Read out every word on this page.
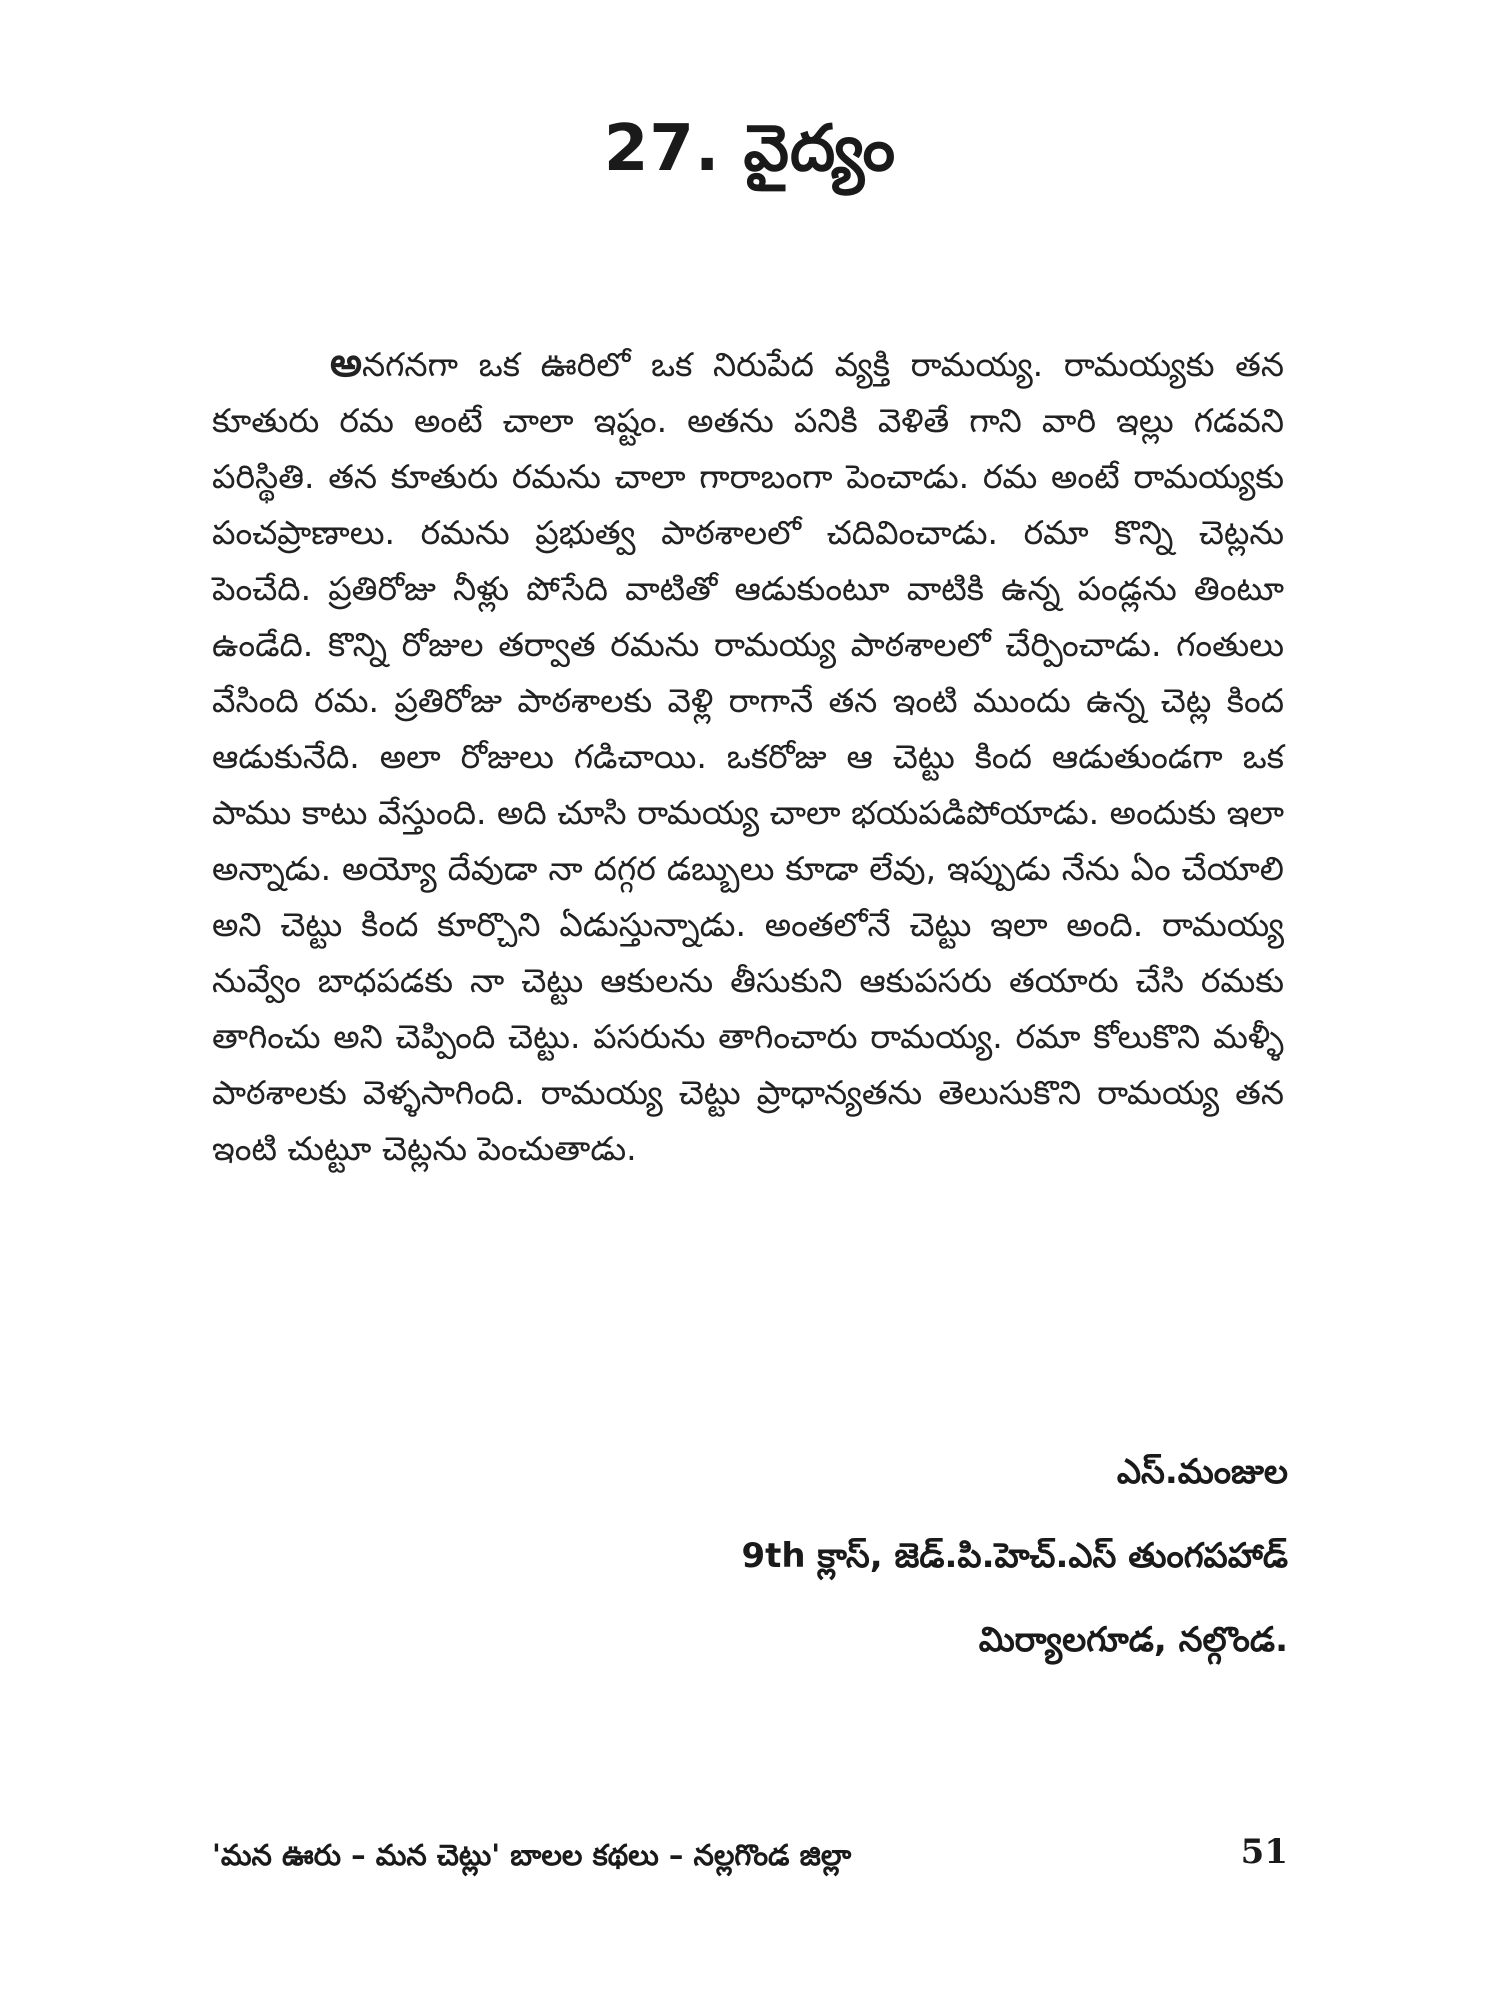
27. వైద్యం

అనగనగా ఒక ఊరిలో ఒక నిరుపేద వ్యక్తి రామయ్య. రామయ్యకు తన కూతురు రమ అంటే చాలా ఇష్టం. అతను పనికి వెళితే గాని వారి ఇల్లు గడవని పరిస్థితి. తన కూతురు రమను చాలా గారాబంగా పెంచాడు. రమ అంటే రామయ్యకు పంచప్రాణాలు. రమను ప్రభుత్వ పాఠశాలలో చదివించాడు. రమా కొన్ని చెట్లను పెంచేది. ప్రతిరోజు నీళ్లు పోసేది వాటితో ఆడుకుంటూ వాటికి ఉన్న పండ్లను తింటూ ఉండేది. కొన్ని రోజుల తర్వాత రమను రామయ్య పాఠశాలలో చేర్పించాడు. గంతులు వేసింది రమ. ప్రతిరోజు పాఠశాలకు వెళ్లి రాగానే తన ఇంటి ముందు ఉన్న చెట్ల కింద ఆడుకునేది. అలా రోజులు గడిచాయి. ఒకరోజు ఆ చెట్టు కింద ఆడుతుండగా ఒక పాము కాటు వేస్తుంది. అది చూసి రామయ్య చాలా భయపడిపోయాడు. అందుకు ఇలా అన్నాడు. అయ్యో దేవుడా నా దగ్గర డబ్బులు కూడా లేవు, ఇప్పుడు నేను ఏం చేయాలి అని చెట్టు కింద కూర్చొని ఏడుస్తున్నాడు. అంతలోనే చెట్టు ఇలా అంది. రామయ్య నువ్వేం బాధపడకు నా చెట్టు ఆకులను తీసుకుని ఆకుపసరు తయారు చేసి రమకు తాగించు అని చెప్పింది చెట్టు. పసరును తాగించారు రామయ్య. రమా కోలుకొని మళ్ళీ పాఠశాలకు వెళ్ళసాగింది. రామయ్య చెట్టు ప్రాధాన్యతను తెలుసుకొని రామయ్య తన ఇంటి చుట్టూ చెట్లను పెంచుతాడు.

ఎస్.మంజుల
9th క్లాస్, జెడ్.పి.హెచ్.ఎస్ తుంగపహాడ్
మిర్యాలగూడ, నల్గొండ.
'మన ఊరు – మన చెట్లు' బాలల కథలు – నల్లగొండ జిల్లా	51
